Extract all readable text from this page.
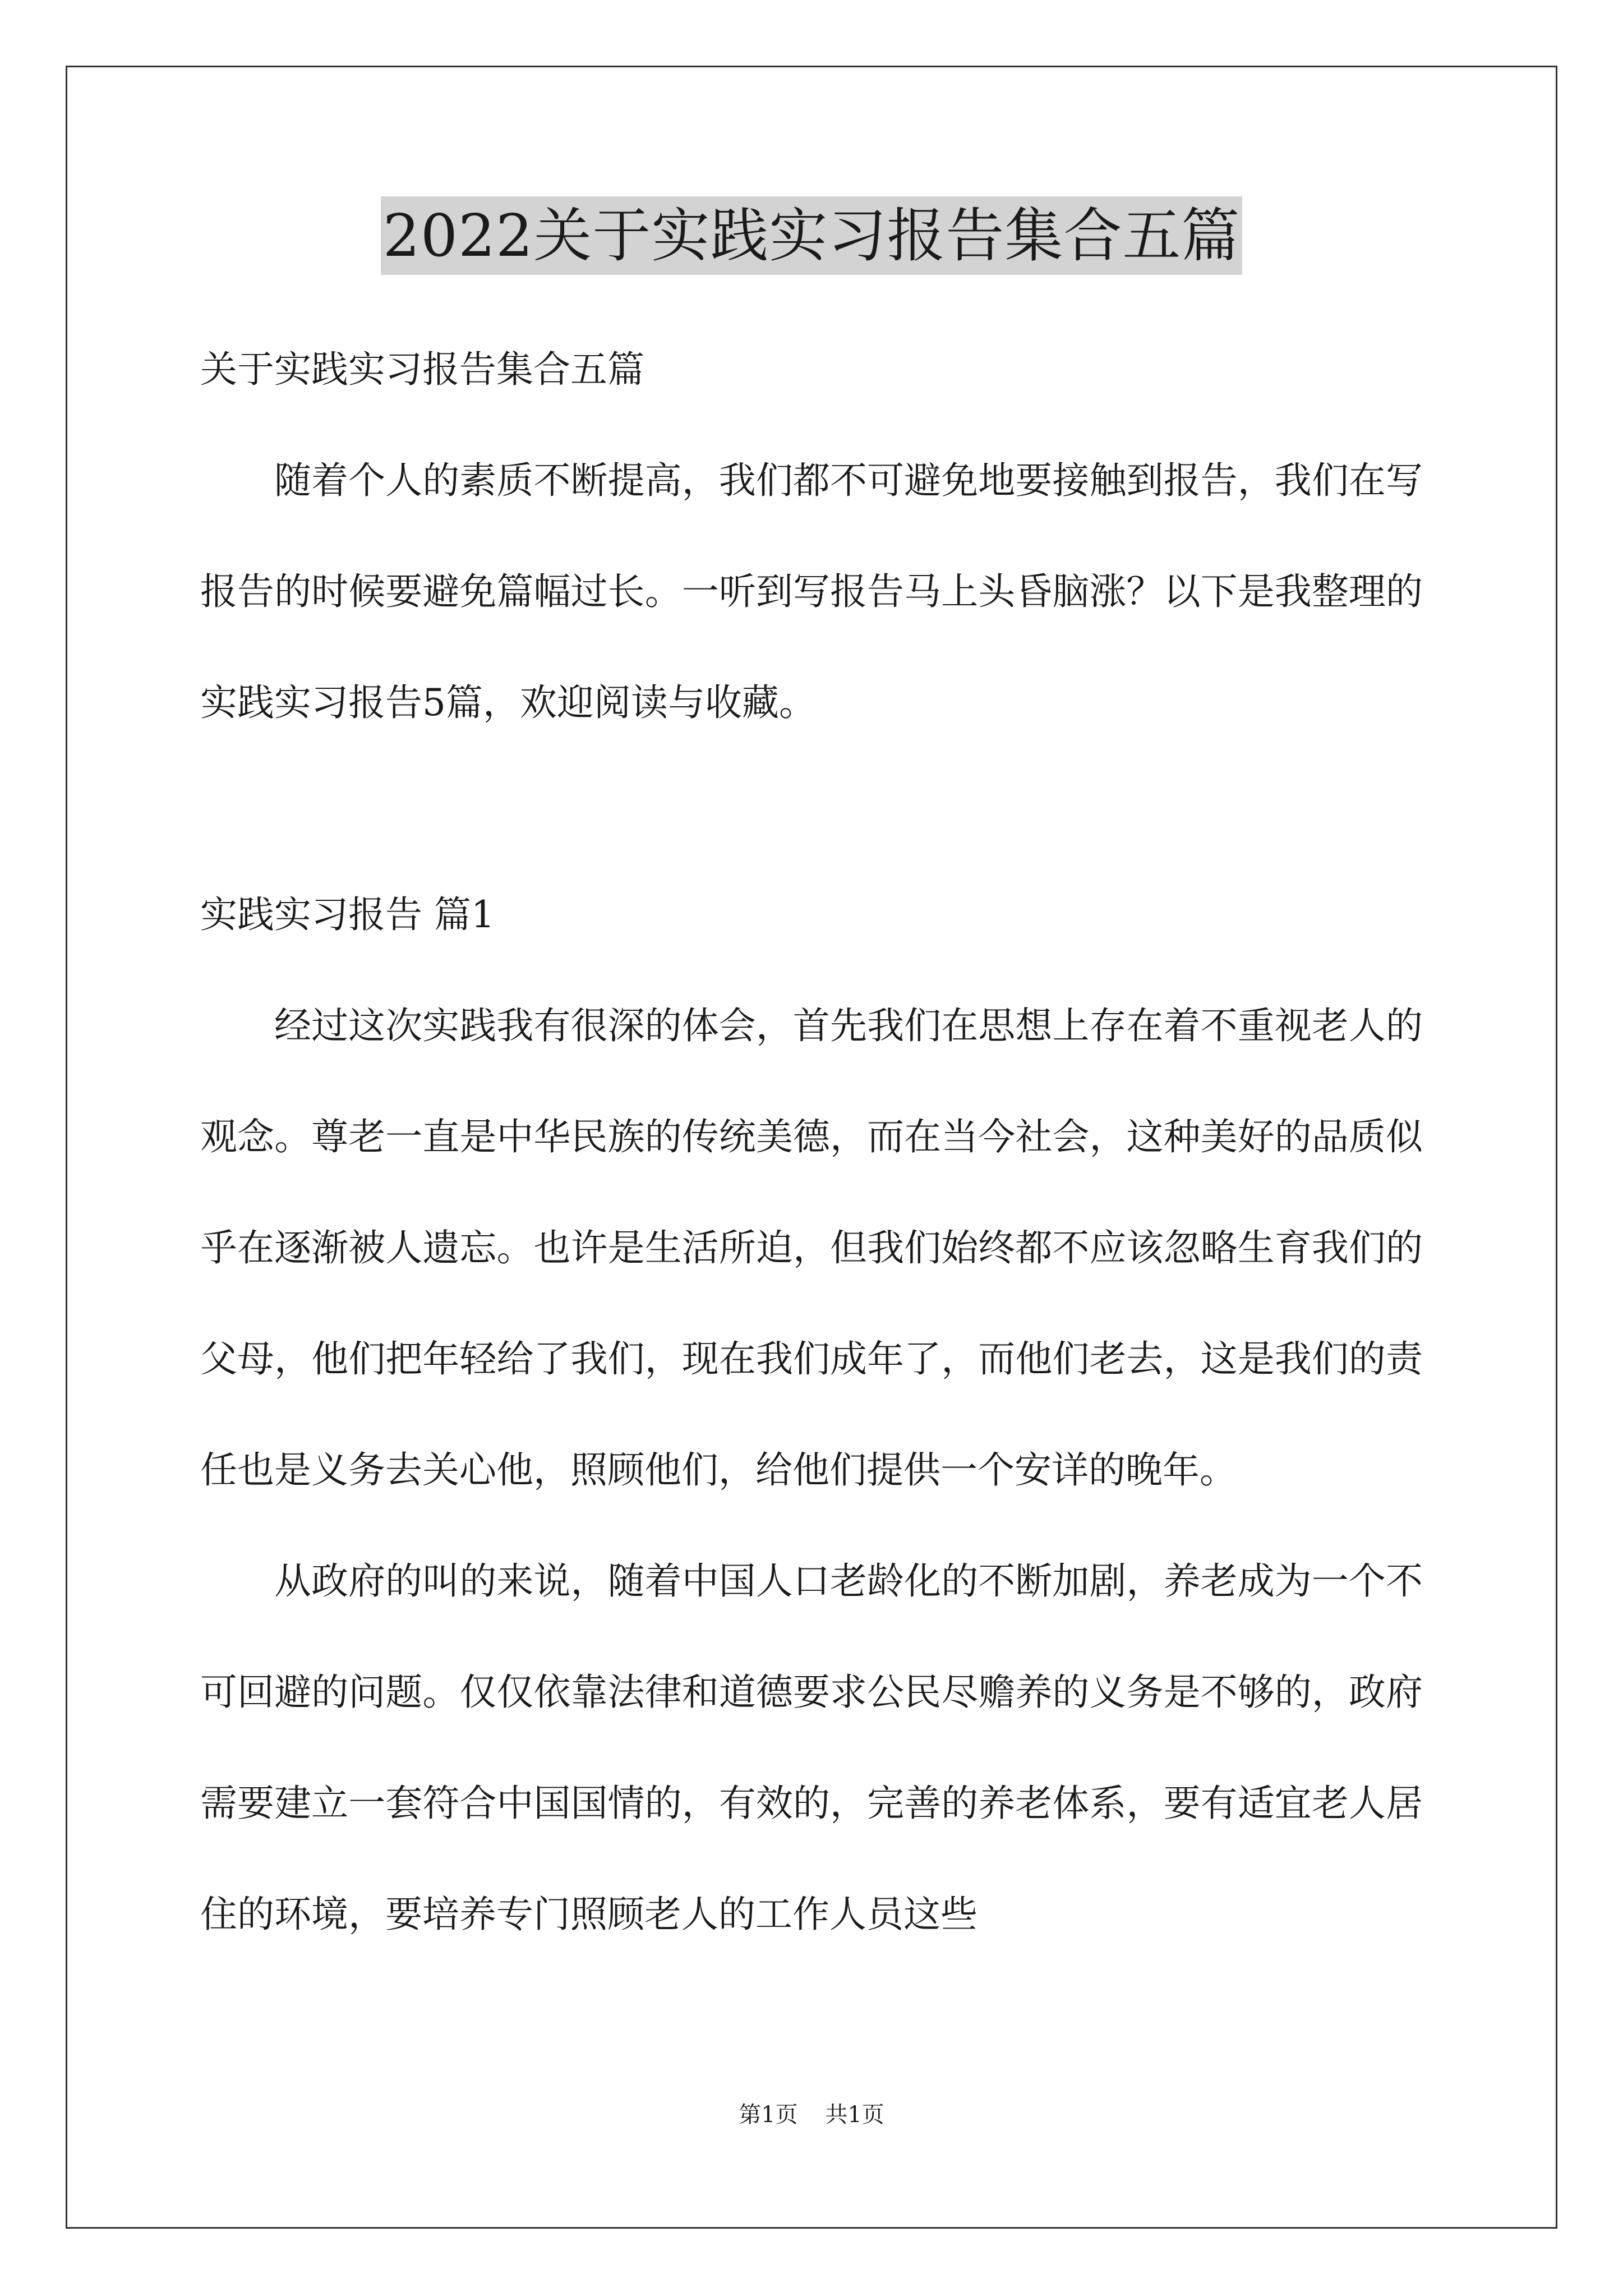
2022关于实践实习报告集合五篇
关于实践实习报告集合五篇

随着个人的素质不断提高，我们都不可避免地要接触到报告，我们在写报告的时候要避免篇幅过长。一听到写报告马上头昏脑涨？以下是我整理的实践实习报告5篇，欢迎阅读与收藏。

实践实习报告 篇1

经过这次实践我有很深的体会，首先我们在思想上存在着不重视老人的观念。尊老一直是中华民族的传统美德，而在当今社会，这种美好的品质似乎在逐渐被人遗忘。也许是生活所迫，但我们始终都不应该忽略生育我们的父母，他们把年轻给了我们，现在我们成年了，而他们老去，这是我们的责任也是义务去关心他，照顾他们，给他们提供一个安详的晚年。

从政府的叫的来说，随着中国人口老龄化的不断加剧，养老成为一个不可回避的问题。仅仅依靠法律和道德要求公民尽赡养的义务是不够的，政府需要建立一套符合中国国情的，有效的，完善的养老体系，要有适宜老人居住的环境，要培养专门照顾老人的工作人员这些

第1页 共1页
